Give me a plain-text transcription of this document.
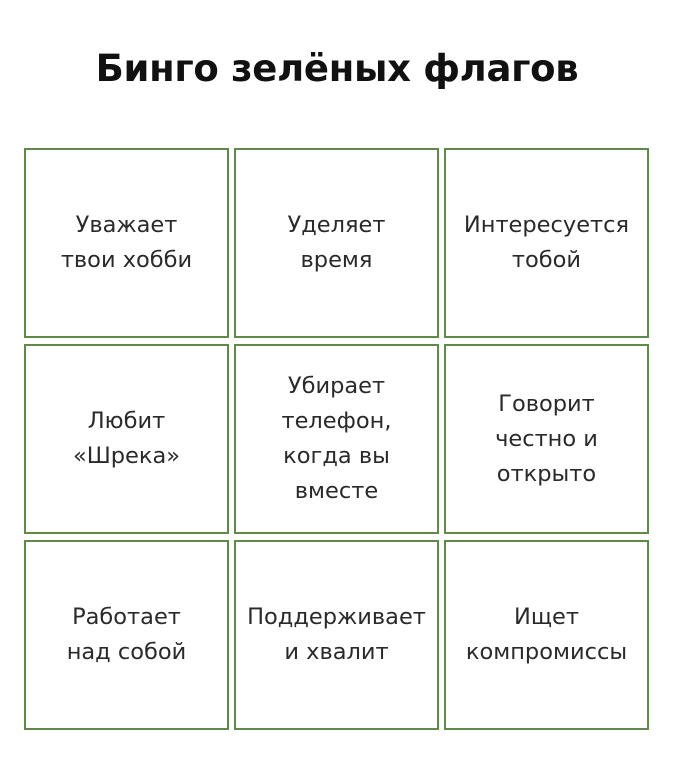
Бинго зелёных флагов
Уважает
твои хобби
Уделяет
время
Интересуется
тобой
Любит
«Шрека»
Убирает
телефон,
когда вы
вместе
Говорит
честно и
открыто
Работает
над собой
Поддерживает
и хвалит
Ищет
компромиссы
